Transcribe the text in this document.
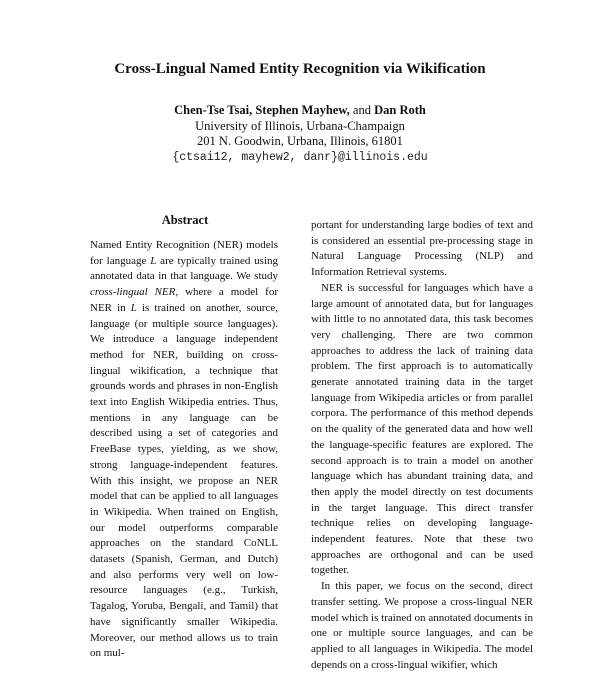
Cross-Lingual Named Entity Recognition via Wikification
Chen-Tse Tsai, Stephen Mayhew, and Dan Roth
University of Illinois, Urbana-Champaign
201 N. Goodwin, Urbana, Illinois, 61801
{ctsai12, mayhew2, danr}@illinois.edu
Abstract

Named Entity Recognition (NER) models for language L are typically trained using annotated data in that language. We study cross-lingual NER, where a model for NER in L is trained on another, source, language (or multiple source languages). We introduce a language independent method for NER, building on cross-lingual wikification, a technique that grounds words and phrases in non-English text into English Wikipedia entries. Thus, mentions in any language can be described using a set of categories and FreeBase types, yielding, as we show, strong language-independent features. With this insight, we propose an NER model that can be applied to all languages in Wikipedia. When trained on English, our model outperforms comparable approaches on the standard CoNLL datasets (Spanish, German, and Dutch) and also performs very well on low-resource languages (e.g., Turkish, Tagalog, Yoruba, Bengali, and Tamil) that have significantly smaller Wikipedia. Moreover, our method allows us to train on mul-

portant for understanding large bodies of text and is considered an essential pre-processing stage in Natural Language Processing (NLP) and Information Retrieval systems.

NER is successful for languages which have a large amount of annotated data, but for languages with little to no annotated data, this task becomes very challenging. There are two common approaches to address the lack of training data problem. The first approach is to automatically generate annotated training data in the target language from Wikipedia articles or from parallel corpora. The performance of this method depends on the quality of the generated data and how well the language-specific features are explored. The second approach is to train a model on another language which has abundant training data, and then apply the model directly on test documents in the target language. This direct transfer technique relies on developing language-independent features. Note that these two approaches are orthogonal and can be used together.

In this paper, we focus on the second, direct transfer setting. We propose a cross-lingual NER model which is trained on annotated documents in one or multiple source languages, and can be applied to all languages in Wikipedia. The model depends on a cross-lingual wikifier, which
